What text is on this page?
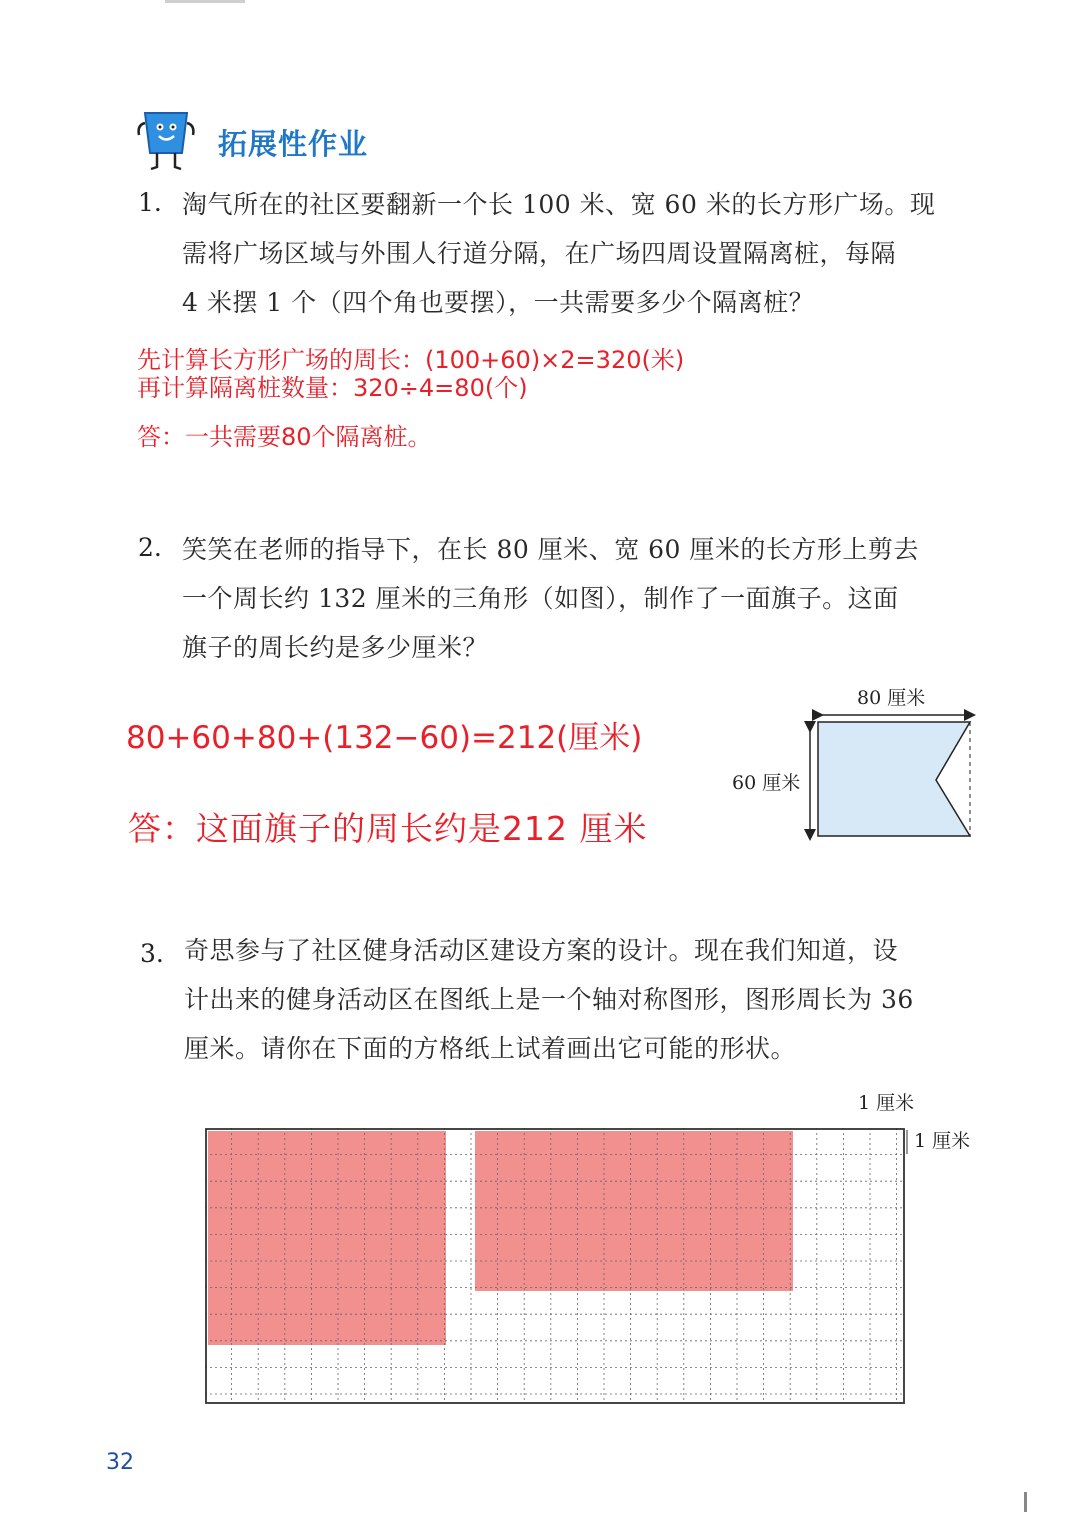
拓展性作业
1. 淘气所在的社区要翻新一个长 100 米、宽 60 米的长方形广场。现
需将广场区域与外围人行道分隔，在广场四周设置隔离桩，每隔
4 米摆 1 个（四个角也要摆），一共需要多少个隔离桩？
先计算长方形广场的周长：(100+60)×2=320(米)
再计算隔离桩数量：320÷4=80(个)
答：一共需要80个隔离桩。
2. 笑笑在老师的指导下，在长 80 厘米、宽 60 厘米的长方形上剪去
一个周长约 132 厘米的三角形（如图），制作了一面旗子。这面
旗子的周长约是多少厘米？
80+60+80+(132−60)=212(厘米)
答：这面旗子的周长约是212 厘米
80 厘米
60 厘米
3. 奇思参与了社区健身活动区建设方案的设计。现在我们知道，设
计出来的健身活动区在图纸上是一个轴对称图形，图形周长为 36
厘米。请你在下面的方格纸上试着画出它可能的形状。
1 厘米
1 厘米
32
